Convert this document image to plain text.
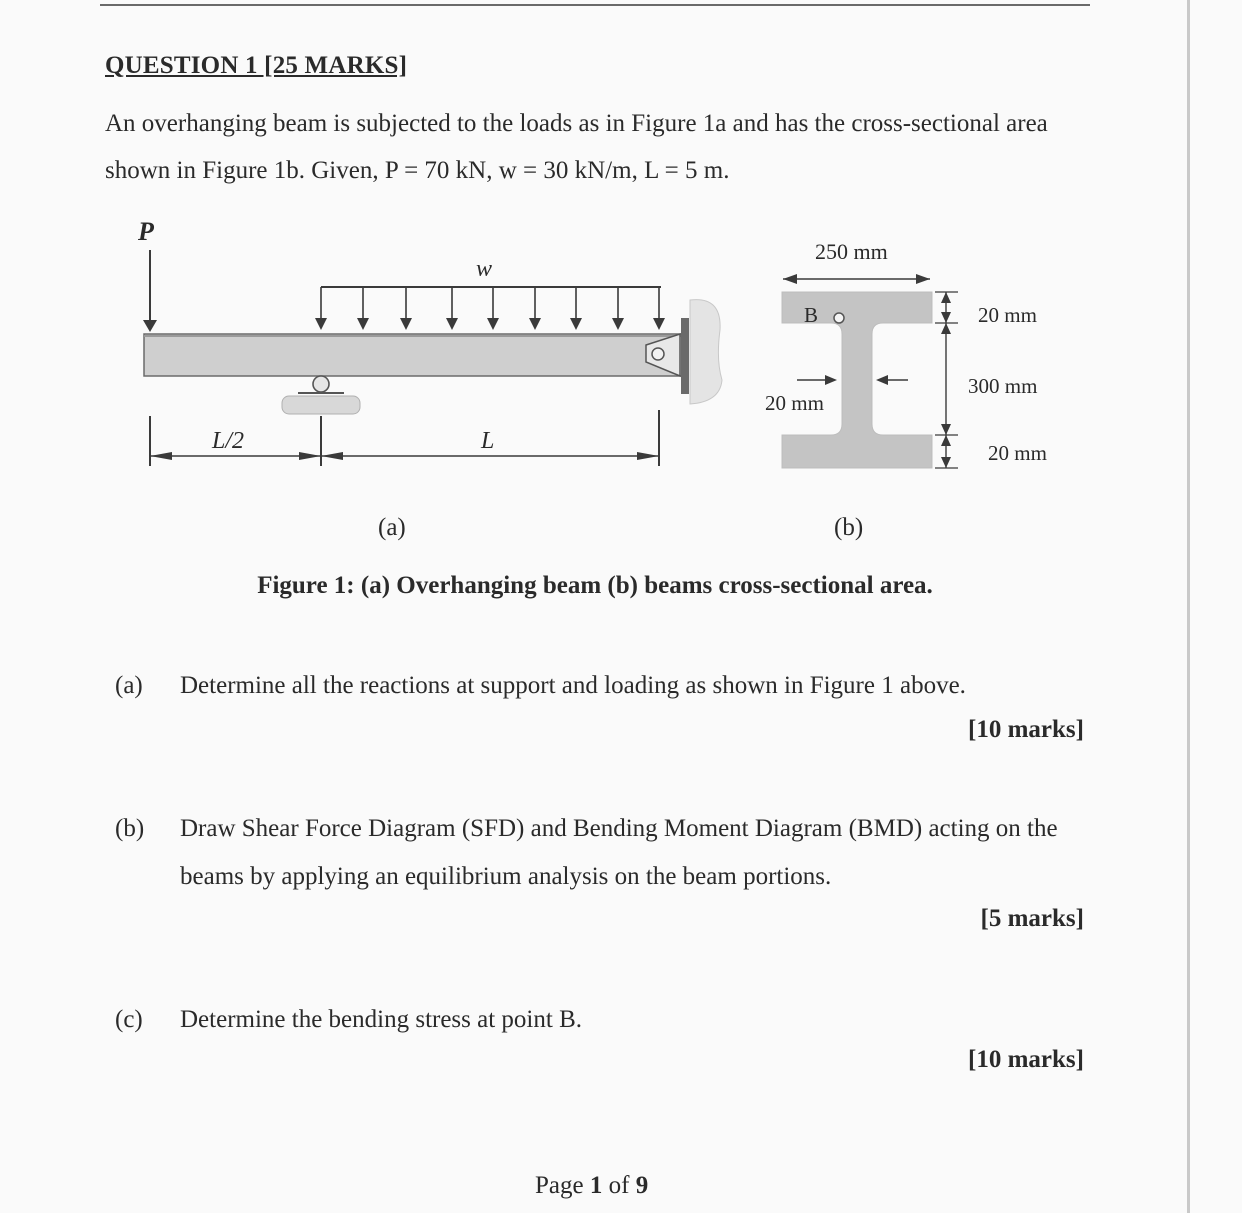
QUESTION 1 [25 MARKS]
An overhanging beam is subjected to the loads as in Figure 1a and has the cross-sectional area
shown in Figure 1b. Given, P = 70 kN, w = 30 kN/m, L = 5 m.
P
w
L/2	L
(a)
250 mm
B	20 mm
300 mm
20 mm
20 mm
(b)
Figure 1: (a) Overhanging beam (b) beams cross-sectional area.
(a)	Determine all the reactions at support and loading as shown in Figure 1 above.
[10 marks]
(b)	Draw Shear Force Diagram (SFD) and Bending Moment Diagram (BMD) acting on the
beams by applying an equilibrium analysis on the beam portions.
[5 marks]
(c)	Determine the bending stress at point B.
[10 marks]
Page 1 of 9
